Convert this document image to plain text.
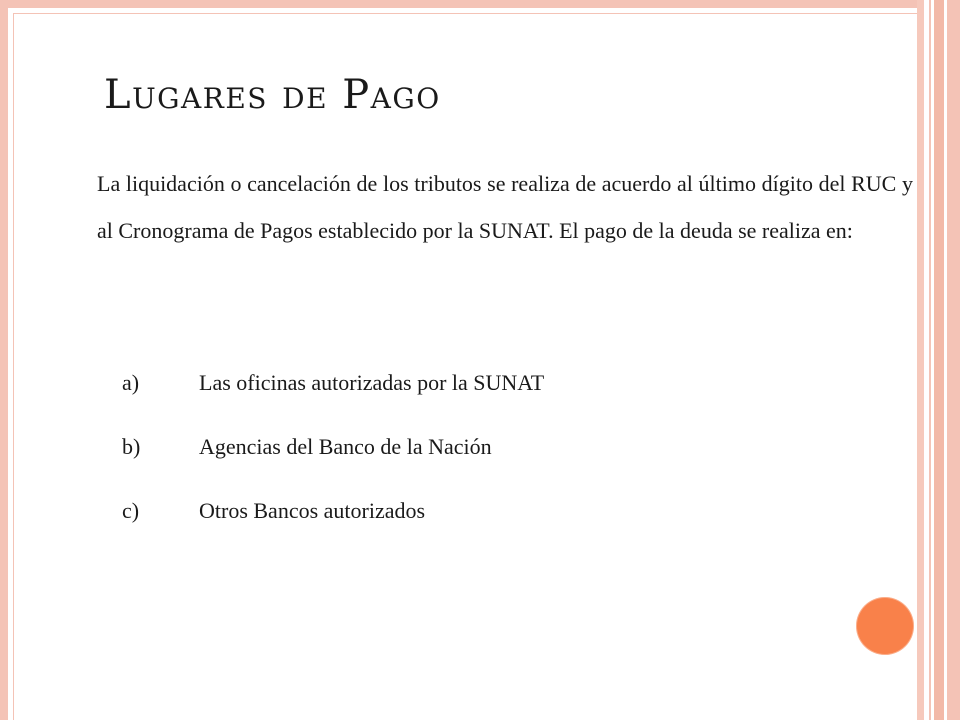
Lugares de Pago

La liquidación o cancelación de los tributos se realiza de acuerdo al último dígito del RUC y al Cronograma de Pagos establecido por la SUNAT. El pago de la deuda se realiza en:

a)	Las oficinas autorizadas por la SUNAT
b)	Agencias del Banco de la Nación
c)	Otros Bancos autorizados
